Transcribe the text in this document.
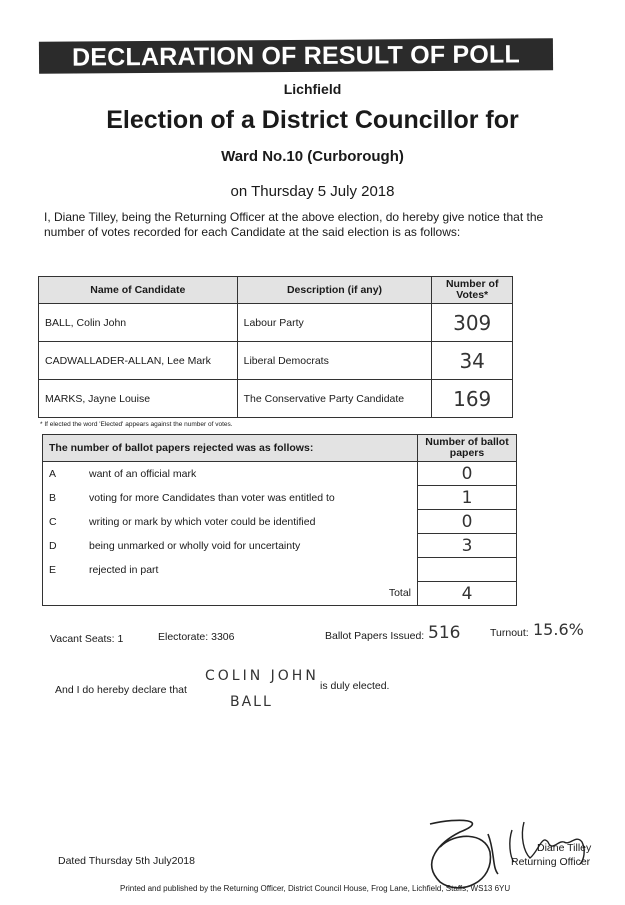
DECLARATION OF RESULT OF POLL
Lichfield
Election of a District Councillor for
Ward No.10 (Curborough)
on Thursday 5 July 2018
I, Diane Tilley, being the Returning Officer at the above election, do hereby give notice that the number of votes recorded for each Candidate at the said election is as follows:
Name of Candidate	Description (if any)	Number of Votes*
BALL, Colin John	Labour Party	309
CADWALLADER-ALLAN, Lee Mark	Liberal Democrats	34
MARKS, Jayne Louise	The Conservative Party Candidate	169
* If elected the word 'Elected' appears against the number of votes.
The number of ballot papers rejected was as follows:		Number of ballot papers
A	want of an official mark	0
B	voting for more Candidates than voter was entitled to	1
C	writing or mark by which voter could be identified	0
D	being unmarked or wholly void for uncertainty	3
E	rejected in part	
Total		4
Vacant Seats: 1	Electorate: 3306	Ballot Papers Issued: 516	Turnout: 15.6%
And I do hereby declare that
COLIN JOHN
BALL
is duly elected.
Diane Tilley
Returning Officer
Dated Thursday 5th July2018
Printed and published by the Returning Officer, District Council House, Frog Lane, Lichfield, Staffs, WS13 6YU
